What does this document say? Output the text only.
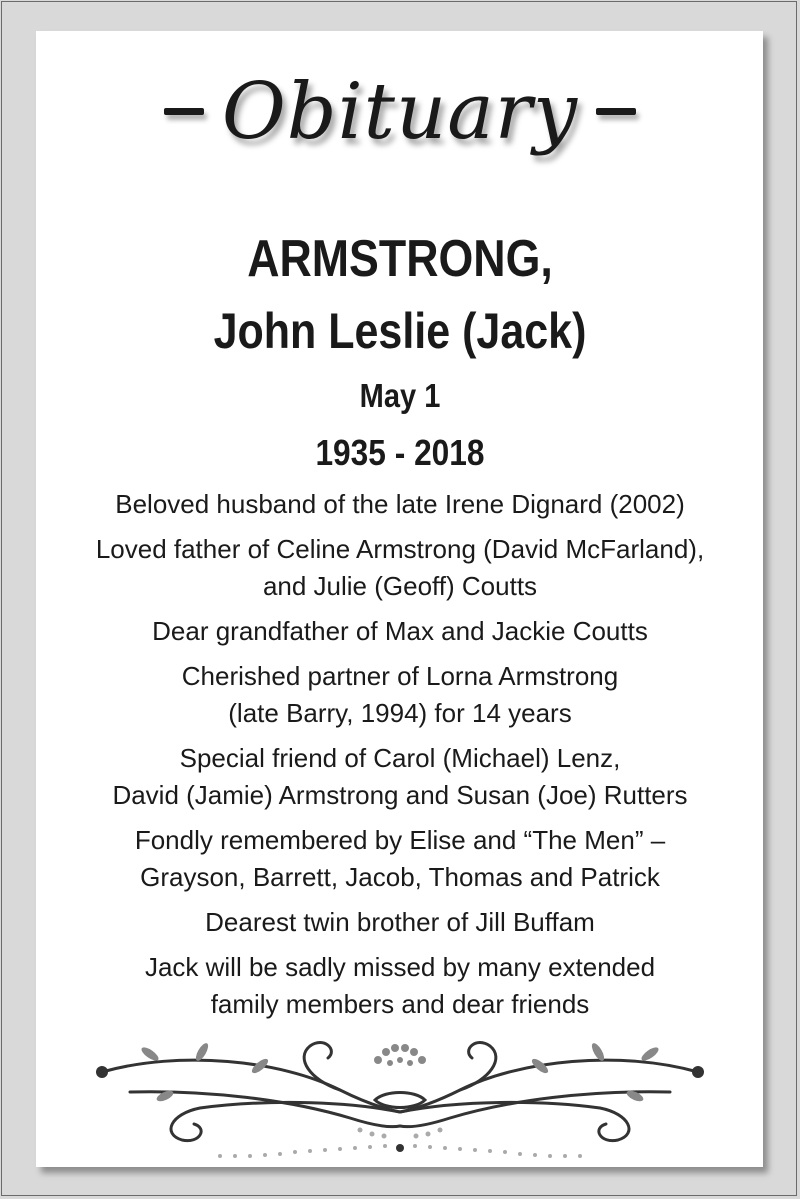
Obituary
ARMSTRONG,
John Leslie (Jack)
May 1
1935 - 2018
Beloved husband of the late Irene Dignard (2002)
Loved father of Celine Armstrong (David McFarland),
and Julie (Geoff) Coutts
Dear grandfather of Max and Jackie Coutts
Cherished partner of Lorna Armstrong
(late Barry, 1994) for 14 years
Special friend of Carol (Michael) Lenz,
David (Jamie) Armstrong and Susan (Joe) Rutters
Fondly remembered by Elise and “The Men” –
Grayson, Barrett, Jacob, Thomas and Patrick
Dearest twin brother of Jill Buffam
Jack will be sadly missed by many extended
family members and dear friends
